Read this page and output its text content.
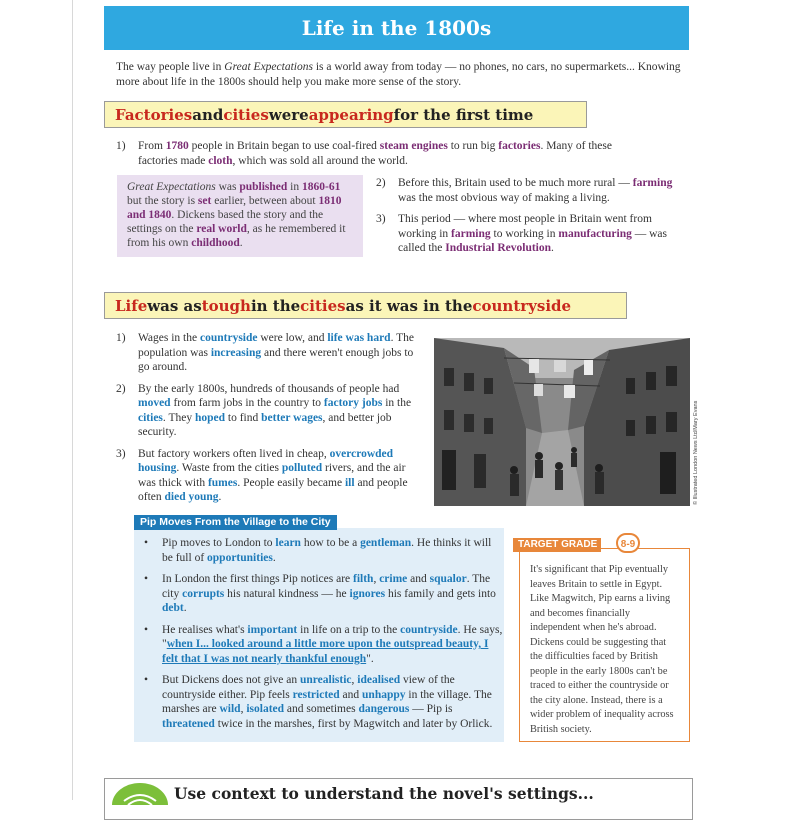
Life in the 1800s

The way people live in Great Expectations is a world away from today — no phones, no cars, no supermarkets... Knowing more about life in the 1800s should help you make more sense of the story.

Factories and cities were appearing for the first time
1) From 1780 people in Britain began to use coal-fired steam engines to run big factories. Many of these factories made cloth, which was sold all around the world.
Great Expectations was published in 1860-61 but the story is set earlier, between about 1810 and 1840. Dickens based the story and the settings on the real world, as he remembered it from his own childhood.
2) Before this, Britain used to be much more rural — farming was the most obvious way of making a living.
3) This period — where most people in Britain went from working in farming to working in manufacturing — was called the Industrial Revolution.
Life was as tough in the cities as it was in the countryside
1) Wages in the countryside were low, and life was hard. The population was increasing and there weren't enough jobs to go around.
2) By the early 1800s, hundreds of thousands of people had moved from farm jobs in the country to factory jobs in the cities. They hoped to find better wages, and better job security.
3) But factory workers often lived in cheap, overcrowded housing. Waste from the cities polluted rivers, and the air was thick with fumes. People easily became ill and people often died young.	© Illustrated London News Ltd/Mary Evans
Pip Moves From the Village to the City
• Pip moves to London to learn how to be a gentleman. He thinks it will be full of opportunities.
• In London the first things Pip notices are filth, crime and squalor. The city corrupts his natural kindness — he ignores his family and gets into debt.
• He realises what's important in life on a trip to the countryside. He says, "when I... looked around a little more upon the outspread beauty, I felt that I was not nearly thankful enough".
• But Dickens does not give an unrealistic, idealised view of the countryside either. Pip feels restricted and unhappy in the village. The marshes are wild, isolated and sometimes dangerous — Pip is threatened twice in the marshes, first by Magwitch and later by Orlick.
It's significant that Pip eventually leaves Britain to settle in Egypt. Like Magwitch, Pip earns a living and becomes financially independent when he's abroad. Dickens could be suggesting that the difficulties faced by British people in the early 1800s can't be traced to either the countryside or the city alone. Instead, there is a wider problem of inequality across British society.
TARGET GRADE	8-9
Use context to understand the novel's settings...
